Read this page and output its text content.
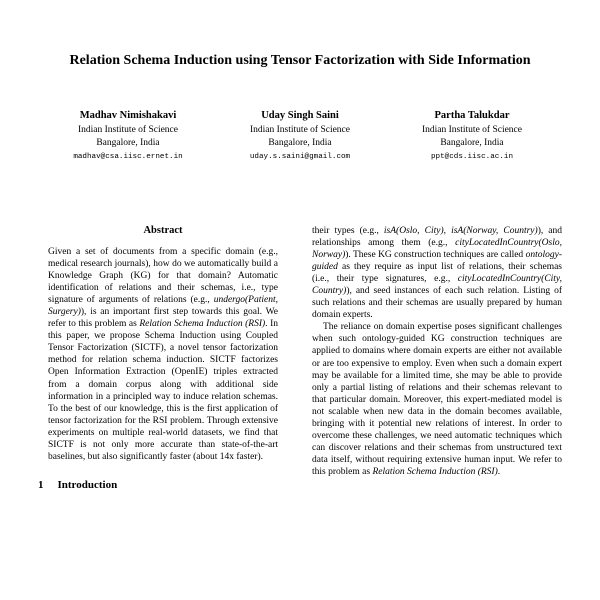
Relation Schema Induction using Tensor Factorization with Side Information
Madhav Nimishakavi
Indian Institute of Science
Bangalore, India
madhav@csa.iisc.ernet.in
Uday Singh Saini
Indian Institute of Science
Bangalore, India
uday.s.saini@gmail.com
Partha Talukdar
Indian Institute of Science
Bangalore, India
ppt@cds.iisc.ac.in
Abstract
Given a set of documents from a specific domain (e.g., medical research journals), how do we automatically build a Knowledge Graph (KG) for that domain? Automatic identification of relations and their schemas, i.e., type signature of arguments of relations (e.g., undergo(Patient, Surgery)), is an important first step towards this goal. We refer to this problem as Relation Schema Induction (RSI). In this paper, we propose Schema Induction using Coupled Tensor Factorization (SICTF), a novel tensor factorization method for relation schema induction. SICTF factorizes Open Information Extraction (OpenIE) triples extracted from a domain corpus along with additional side information in a principled way to induce relation schemas. To the best of our knowledge, this is the first application of tensor factorization for the RSI problem. Through extensive experiments on multiple real-world datasets, we find that SICTF is not only more accurate than state-of-the-art baselines, but also significantly faster (about 14x faster).
1 Introduction

their types (e.g., isA(Oslo, City), isA(Norway, Country)), and relationships among them (e.g., cityLocatedInCountry(Oslo, Norway)). These KG construction techniques are called ontology-guided as they require as input list of relations, their schemas (i.e., their type signatures, e.g., cityLocatedInCountry(City, Country)), and seed instances of each such relation. Listing of such relations and their schemas are usually prepared by human domain experts.

The reliance on domain expertise poses significant challenges when such ontology-guided KG construction techniques are applied to domains where domain experts are either not available or are too expensive to employ. Even when such a domain expert may be available for a limited time, she may be able to provide only a partial listing of relations and their schemas relevant to that particular domain. Moreover, this expert-mediated model is not scalable when new data in the domain becomes available, bringing with it potential new relations of interest. In order to overcome these challenges, we need automatic techniques which can discover relations and their schemas from unstructured text data itself, without requiring extensive human input. We refer to this problem as Relation Schema Induction (RSI).
